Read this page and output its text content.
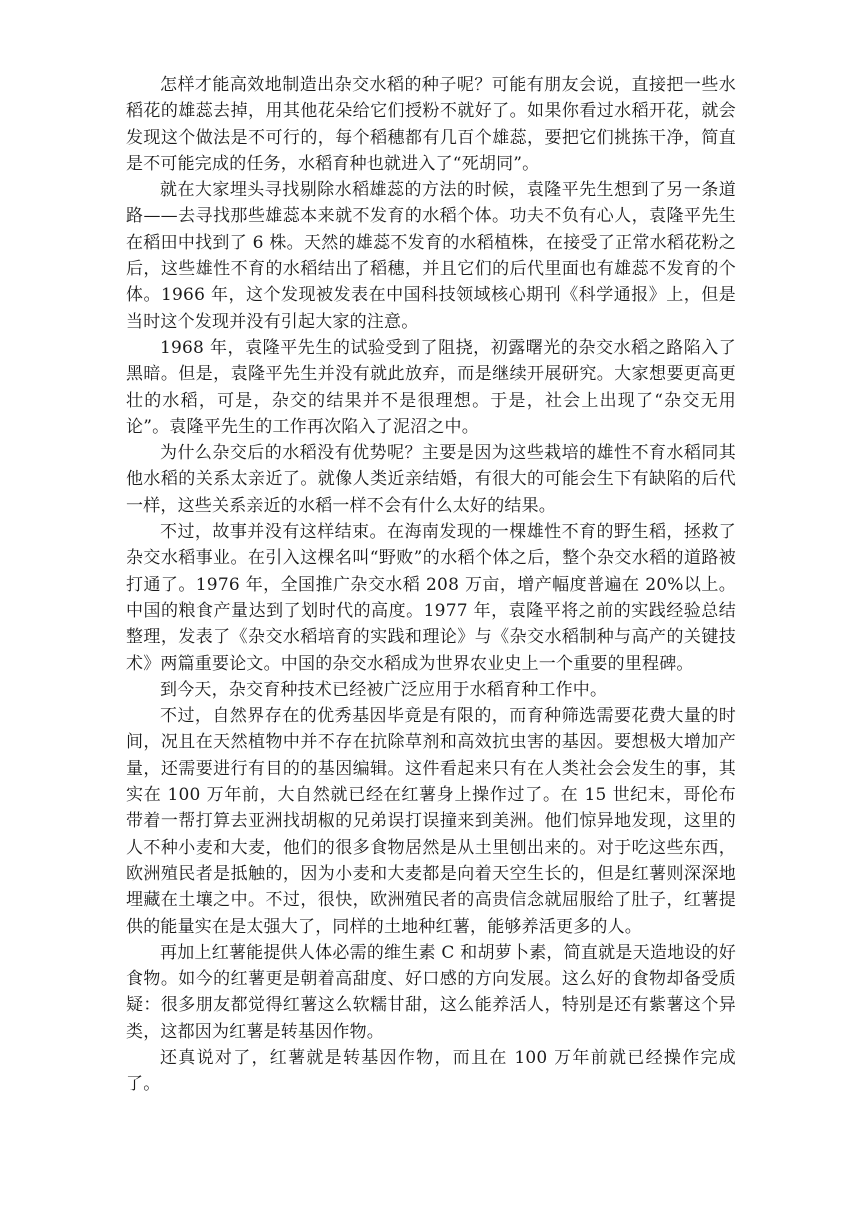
怎样才能高效地制造出杂交水稻的种子呢？可能有朋友会说，直接把一些水稻花的雄蕊去掉，用其他花朵给它们授粉不就好了。如果你看过水稻开花，就会发现这个做法是不可行的，每个稻穗都有几百个雄蕊，要把它们挑拣干净，简直是不可能完成的任务，水稻育种也就进入了“死胡同”。

就在大家埋头寻找剔除水稻雄蕊的方法的时候，袁隆平先生想到了另一条道路——去寻找那些雄蕊本来就不发育的水稻个体。功夫不负有心人，袁隆平先生在稻田中找到了 6 株。天然的雄蕊不发育的水稻植株，在接受了正常水稻花粉之后，这些雄性不育的水稻结出了稻穗，并且它们的后代里面也有雄蕊不发育的个体。1966 年，这个发现被发表在中国科技领域核心期刊《科学通报》上，但是当时这个发现并没有引起大家的注意。

1968 年，袁隆平先生的试验受到了阻挠，初露曙光的杂交水稻之路陷入了黑暗。但是，袁隆平先生并没有就此放弃，而是继续开展研究。大家想要更高更壮的水稻，可是，杂交的结果并不是很理想。于是，社会上出现了“杂交无用论”。袁隆平先生的工作再次陷入了泥沼之中。

为什么杂交后的水稻没有优势呢？主要是因为这些栽培的雄性不育水稻同其他水稻的关系太亲近了。就像人类近亲结婚，有很大的可能会生下有缺陷的后代一样，这些关系亲近的水稻一样不会有什么太好的结果。

不过，故事并没有这样结束。在海南发现的一棵雄性不育的野生稻，拯救了杂交水稻事业。在引入这棵名叫“野败”的水稻个体之后，整个杂交水稻的道路被打通了。1976 年，全国推广杂交水稻 208 万亩，增产幅度普遍在 20%以上。中国的粮食产量达到了划时代的高度。1977 年，袁隆平将之前的实践经验总结整理，发表了《杂交水稻培育的实践和理论》与《杂交水稻制种与高产的关键技术》两篇重要论文。中国的杂交水稻成为世界农业史上一个重要的里程碑。

到今天，杂交育种技术已经被广泛应用于水稻育种工作中。

不过，自然界存在的优秀基因毕竟是有限的，而育种筛选需要花费大量的时间，况且在天然植物中并不存在抗除草剂和高效抗虫害的基因。要想极大增加产量，还需要进行有目的的基因编辑。这件看起来只有在人类社会会发生的事，其实在 100 万年前，大自然就已经在红薯身上操作过了。在 15 世纪末，哥伦布带着一帮打算去亚洲找胡椒的兄弟误打误撞来到美洲。他们惊异地发现，这里的人不种小麦和大麦，他们的很多食物居然是从土里刨出来的。对于吃这些东西，欧洲殖民者是抵触的，因为小麦和大麦都是向着天空生长的，但是红薯则深深地埋藏在土壤之中。不过，很快，欧洲殖民者的高贵信念就屈服给了肚子，红薯提供的能量实在是太强大了，同样的土地种红薯，能够养活更多的人。

再加上红薯能提供人体必需的维生素 C 和胡萝卜素，简直就是天造地设的好食物。如今的红薯更是朝着高甜度、好口感的方向发展。这么好的食物却备受质疑：很多朋友都觉得红薯这么软糯甘甜，这么能养活人，特别是还有紫薯这个异类，这都因为红薯是转基因作物。

还真说对了，红薯就是转基因作物，而且在 100 万年前就已经操作完成了。
